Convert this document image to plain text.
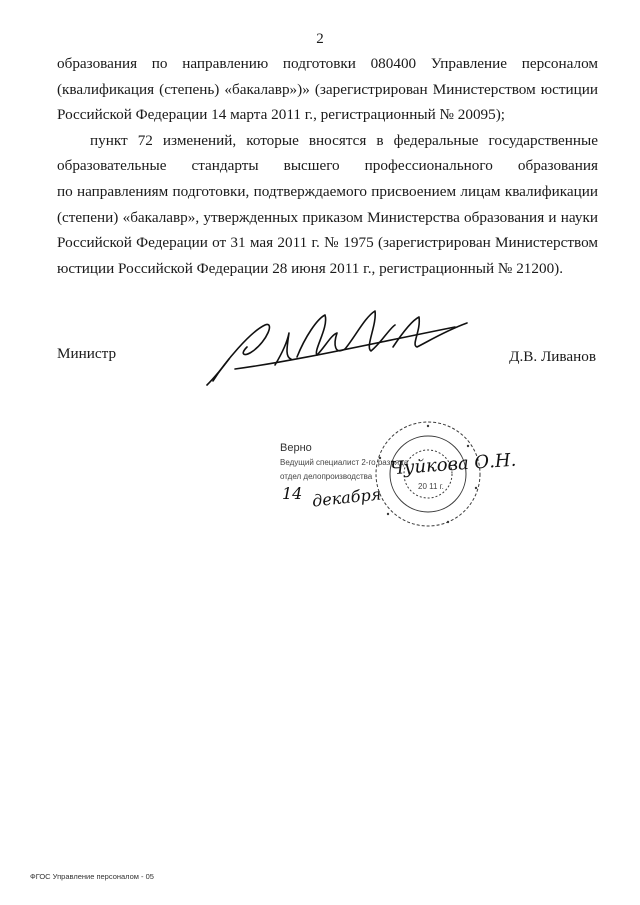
2
образования по направлению подготовки 080400 Управление персоналом
(квалификация (степень) «бакалавр»)» (зарегистрирован Министерством юстиции
Российской Федерации 14 марта 2011 г., регистрационный № 20095);
пункт 72 изменений, которые вносятся в федеральные государственные
образовательные стандарты высшего профессионального образования
по направлениям подготовки, подтверждаемого присвоением лицам квалификации
(степени) «бакалавр», утвержденных приказом Министерства образования и науки
Российской Федерации от 31 мая 2011 г. № 1975 (зарегистрирован Министерством
юстиции Российской Федерации 28 июня 2011 г., регистрационный № 21200).
Министр	Д.В. Ливанов
Верно
Ведущий специалист 2-го разряда
отдел делопроизводства Чуйкова О.Н.
14 декабря	20 11 г.
ФГОС Управление персоналом - 05
